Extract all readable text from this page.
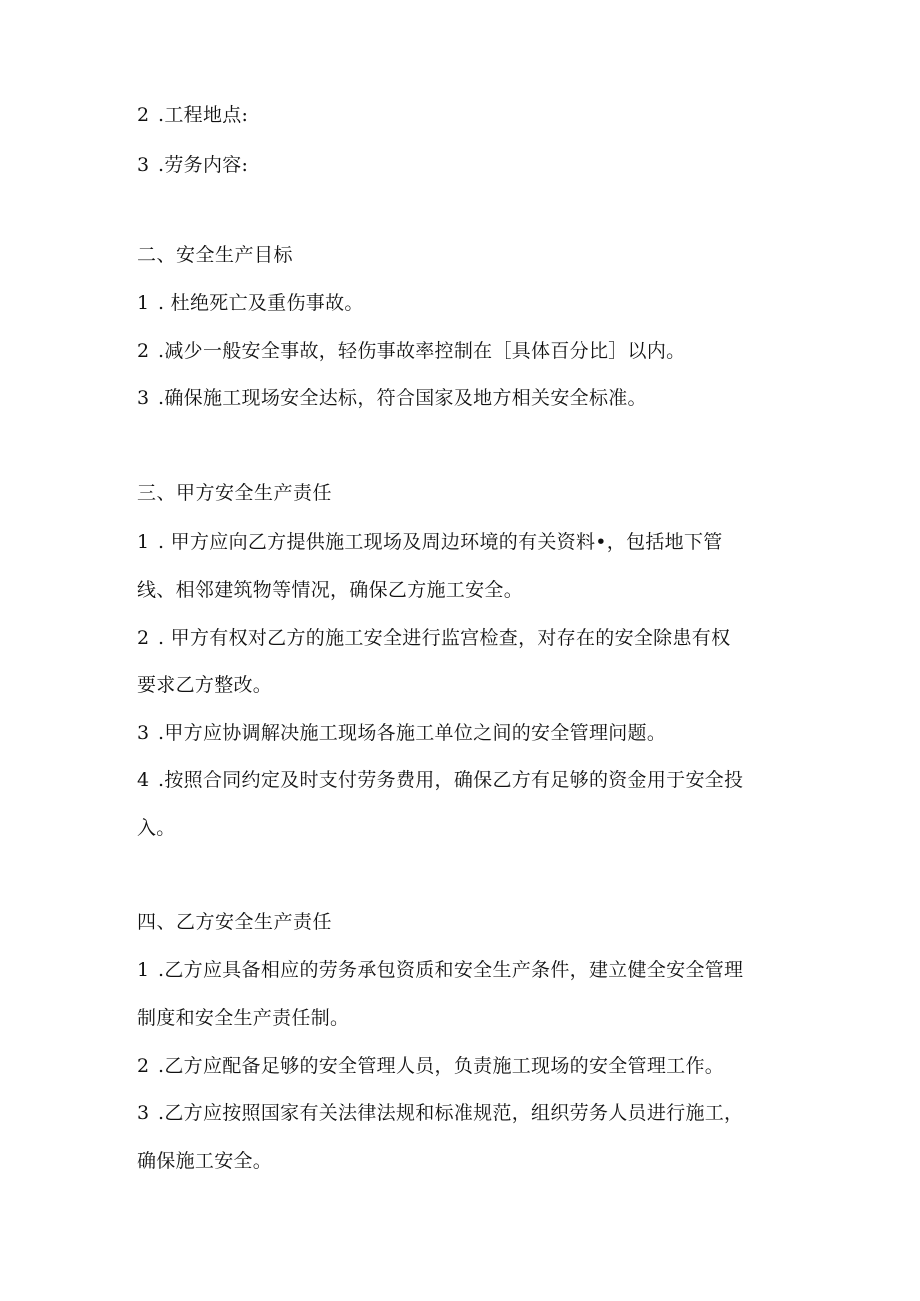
2 .工程地点:
3 .劳务内容:
二、安全生产目标
1 . 杜绝死亡及重伤事故。
2 .减少一般安全事故，轻伤事故率控制在［具体百分比］以内。
3 .确保施工现场安全达标，符合国家及地方相关安全标准。
三、甲方安全生产责任
1 . 甲方应向乙方提供施工现场及周边环境的有关资料•，包括地下管
线、相邻建筑物等情况，确保乙方施工安全。
2 . 甲方有权对乙方的施工安全进行监宫检查，对存在的安全除患有权
要求乙方整改。
3 .甲方应协调解决施工现场各施工单位之间的安全管理问题。
4 .按照合同约定及时支付劳务费用，确保乙方有足够的资金用于安全投
入。
四、乙方安全生产责任
1 .乙方应具备相应的劳务承包资质和安全生产条件，建立健全安全管理
制度和安全生产责任制。
2 .乙方应配备足够的安全管理人员，负责施工现场的安全管理工作。
3 .乙方应按照国家有关法律法规和标准规范，组织劳务人员进行施工，
确保施工安全。
